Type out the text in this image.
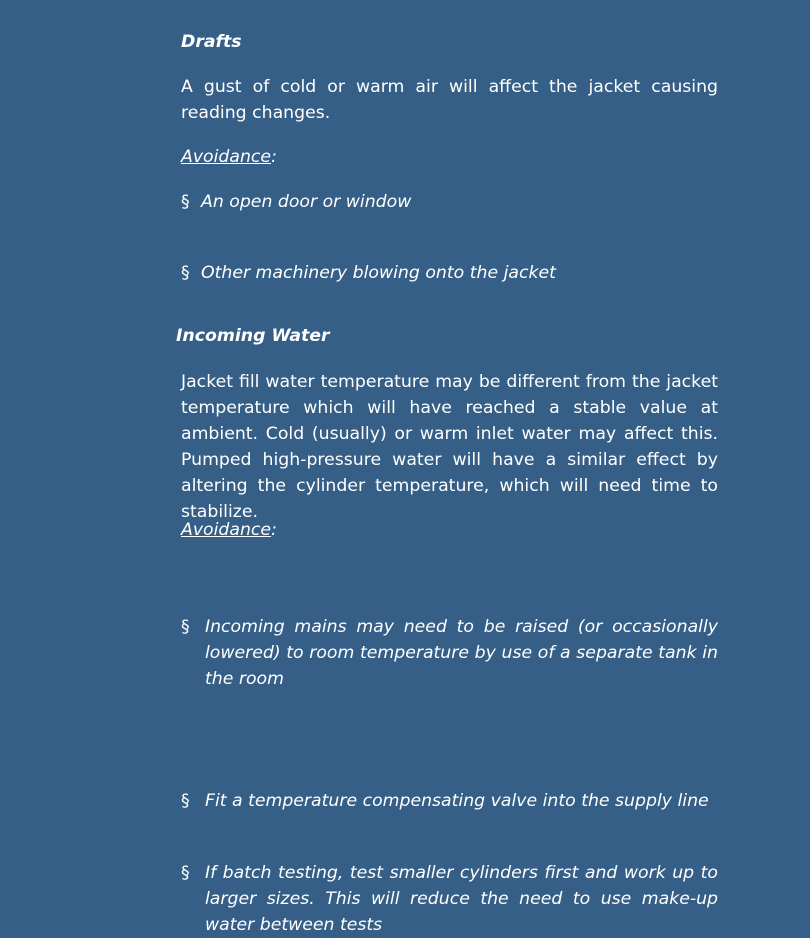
Drafts
A gust of cold or warm air will affect the jacket causing reading changes.
Avoidance:
§ An open door or window
§ Other machinery blowing onto the jacket
Incoming Water
Jacket fill water temperature may be different from the jacket temperature which will have reached a stable value at ambient. Cold (usually) or warm inlet water may affect this. Pumped high-pressure water will have a similar effect by altering the cylinder temperature, which will need time to stabilize.
Avoidance:
§ Incoming mains may need to be raised (or occasionally lowered) to room temperature by use of a separate tank in the room
§ Fit a temperature compensating valve into the supply line
§ If batch testing, test smaller cylinders first and work up to larger sizes. This will reduce the need to use make-up water between tests
